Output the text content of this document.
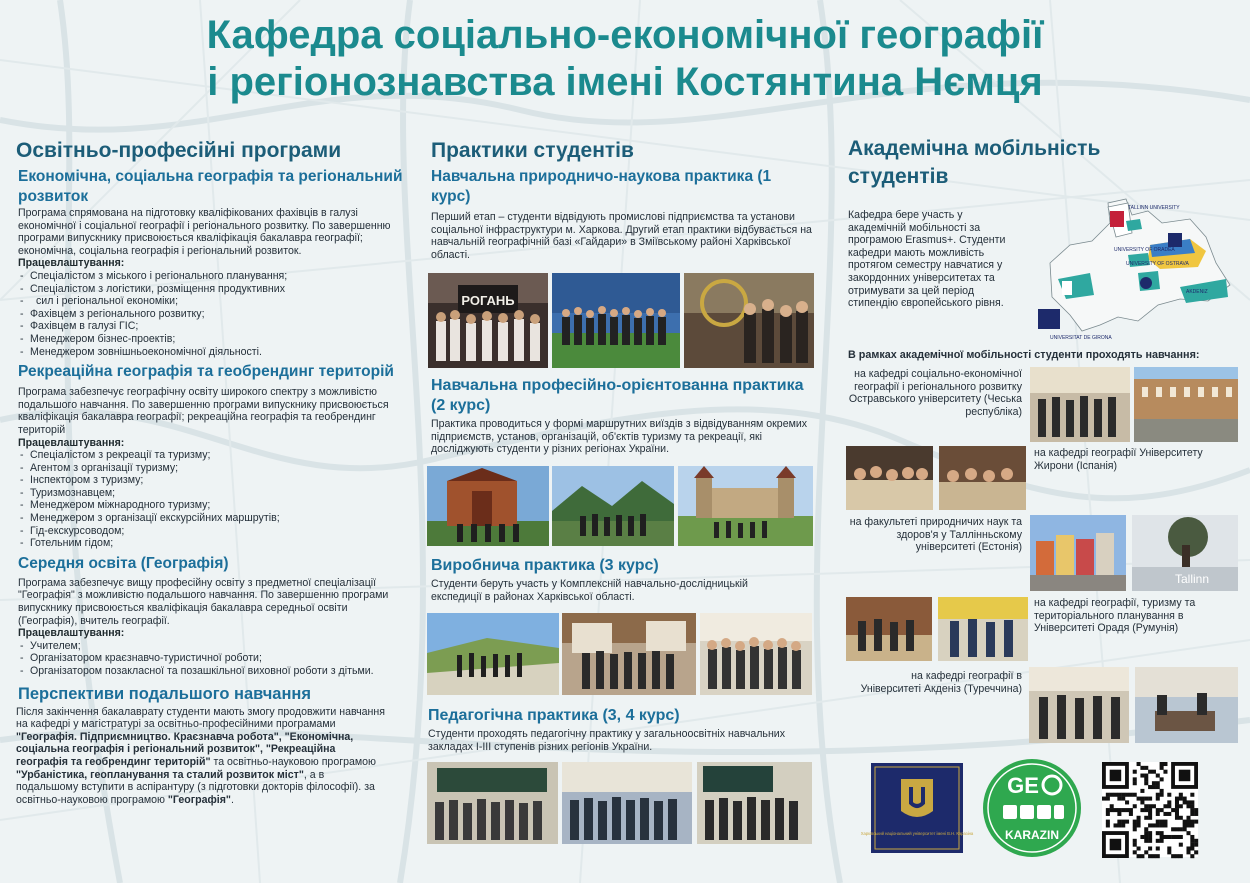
Кафедра соціально-економічної географії
і регіонознавства імені Костянтина Нємця
Освітньо-професійні програми
Економічна, соціальна географія та регіональний розвиток
Програма спрямована на підготовку кваліфікованих фахівців в галузі економічної і соціальної географії і регіонального розвитку. По завершенню програми випускнику присвоюється кваліфікація бакалавра географії; економічна, соціальна географія і регіональний розвиток.
Працевлаштування:
- Спеціалістом з міського і регіонального планування;
- Спеціалістом з логістики, розміщення продуктивних
- сил і регіональної економіки;
- Фахівцем з регіонального розвитку;
- Фахівцем в галузі ГІС;
- Менеджером бізнес-проектів;
- Менеджером зовнішньоекономічної діяльності.
Рекреаційна географія та геобрендинг територій
Програма забезпечує географічну освіту широкого спектру з можливістю подальшого навчання. По завершенню програми випускнику присвоюється кваліфікація бакалавра географії; рекреаційна географія та геобрендинг територій
Працевлаштування:
- Спеціалістом з рекреації та туризму;
- Агентом з організації туризму;
- Інспектором з туризму;
- Туризмознавцем;
- Менеджером міжнародного туризму;
- Менеджером з організації екскурсійних маршрутів;
- Гід-екскурсоводом;
- Готельним гідом;
Середня освіта (Географія)
Програма забезпечує вищу професійну освіту з предметної спеціалізації "Географія" з можливістю подальшого навчання. По завершенню програми випускнику присвоюється кваліфікація бакалавра середньої освіти (Географія), вчитель географії.
Працевлаштування:
- Учителем;
- Організатором краєзнавчо-туристичної роботи;
- Організатором позакласної та позашкільної виховної роботи з дітьми.
Перспективи подальшого навчання
Після закінчення бакалаврату студенти мають змогу продовжити навчання на кафедрі у магістратурі за освітньо-професійними програмами "Географія. Підприємництво. Краєзнавча робота", "Економічна, соціальна географія і регіональний розвиток", "Рекреаційна географія та геобрендинг територій" та освітньо-науковою програмою "Урбаністика, геопланування та сталий розвиток міст", а в подальшому вступити в аспірантуру (з підготовки докторів філософії). за освітньо-науковою програмою "Географія".
Практики студентів
Навчальна природничо-наукова практика (1 курс)
Перший етап – студенти відвідують промислові підприємства та установи соціальної інфраструктури м. Харкова. Другий етап практики відбувається на навчальній географічній базі «Гайдари» в Зміївському районі Харківської області.
РОГАНЬ
Навчальна професійно-орієнтованна практика (2 курс)
Практика проводиться у формі маршрутних виїздів з відвідуванням окремих підприємств, установ, організацій, об'єктів туризму та рекреації, які досліджують студенти у різних регіонах України.
Виробнича практика (3 курс)
Студенти беруть участь у Комплексній навчально-дослідницькій експедиції в районах Харківської області.
Педагогічна практика (3, 4 курс)
Студенти проходять педагогічну практику у загальноосвітніх навчальних закладах І-ІІІ ступенів різних регіонів України.
Академічна мобільність
студентів
Кафедра бере участь у академічній мобільності за програмою Erasmus+. Студенти кафедри мають можливість протягом семестру навчатися у закордонних університетах та отримувати за цей період стипендію європейського рівня.
TALLINN UNIVERSITY
UNIVERSITY OF ORADEA
UNIVERSITY OF OSTRAVA
AKDENIZ
UNIVERSITAT DE GIRONA
В рамках академічної мобільності студенти проходять навчання:
на кафедрі соціально-економічної географії і регіонального розвитку Остравського університету (Чеська республіка)
на кафедрі географії Університету Жирони (Іспанія)
на факультеті природничих наук та здоров'я у Таллінньскому університеті (Естонія)
Tallinn
на кафедрі географії, туризму та територіального планування в Університеті Орадя (Румунія)
на кафедрі географії в Університеті Акденіз (Туреччина)
Харківський національний університет імені В.Н. Каразіна
GE
KARAZIN
